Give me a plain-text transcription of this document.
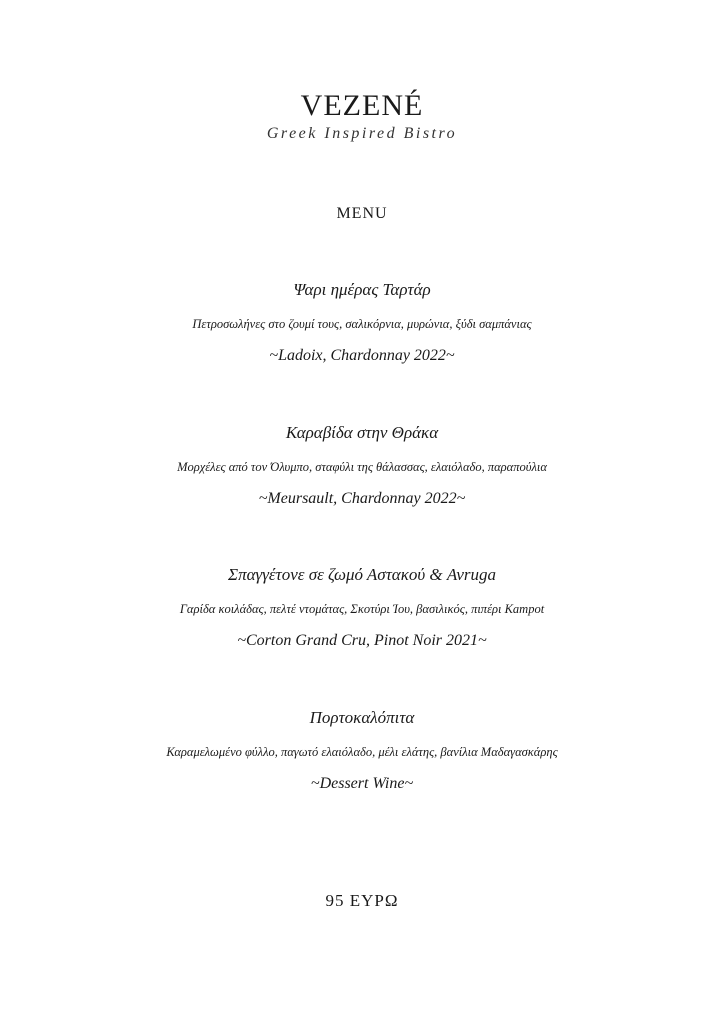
VEZENÉ
Greek Inspired Bistro
MENU
Ψαρι ημέρας Ταρτάρ
Πετροσωλήνες στο ζουμί τους, σαλικόρνια, μυρώνια, ξύδι σαμπάνιας
~Ladoix, Chardonnay 2022~
Καραβίδα στην Θράκα
Μορχέλες από τον Όλυμπο, σταφύλι της θάλασσας, ελαιόλαδο, παραπούλια
~Meursault, Chardonnay 2022~
Σπαγγέτονε σε ζωμό Αστακού & Avruga
Γαρίδα κοιλάδας, πελτέ ντομάτας, Σκοτύρι Ίου, βασιλικός, πιπέρι Kampot
~Corton Grand Cru, Pinot Noir 2021~
Πορτοκαλόπιτα
Καραμελωμένο φύλλο, παγωτό ελαιόλαδο, μέλι ελάτης, βανίλια Μαδαγασκάρης
~Dessert Wine~
95 ΕΥΡΩ
